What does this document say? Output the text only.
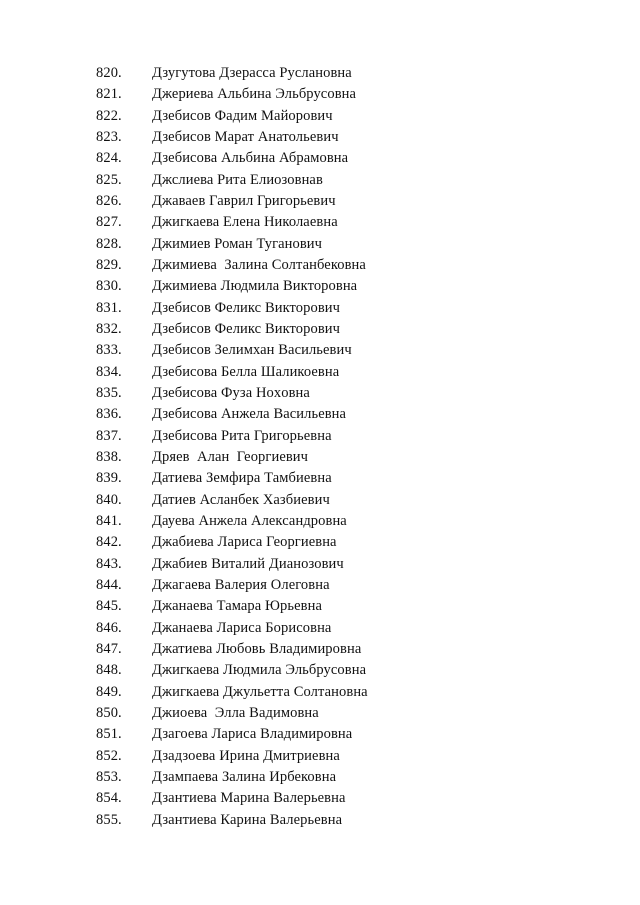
820.	Дзугутова Дзерасса Руслановна
821.	Джериева Альбина Эльбрусовна
822.	Дзебисов Фадим Майорович
823.	Дзебисов Марат Анатольевич
824.	Дзебисова Альбина Абрамовна
825.	Джслиева Рита Елиозовнав
826.	Джаваев Гаврил Григорьевич
827.	Джигкаева Елена Николаевна
828.	Джимиев Роман Туганович
829.	Джимиева  Залина Солтанбековна
830.	Джимиева Людмила Викторовна
831.	Дзебисов Феликс Викторович
832.	Дзебисов Феликс Викторович
833.	Дзебисов Зелимхан Васильевич
834.	Дзебисова Белла Шаликоевна
835.	Дзебисова Фуза Нoхoвна
836.	Дзебисова Анжела Васильевна
837.	Дзебисова Рита Григорьевна
838.	Дряев  Алан  Георгиевич
839.	Датиева Земфира Тамбиевна
840.	Датиев Асланбек Хазбиевич
841.	Дауева Анжела Александровна
842.	Джабиева Лариса Георгиевна
843.	Джабиев Виталий Дианозович
844.	Джагаева Валерия Олеговна
845.	Джанаева Тамара Юрьевна
846.	Джанаева Лариса Борисовна
847.	Джатиева Любовь Владимировна
848.	Джигкаева Людмила Эльбрусовна
849.	Джигкаева Джульетта Солтановна
850.	Джиоева  Элла Вадимовна
851.	Дзагоева Лариса Владимировна
852.	Дзадзоева Ирина Дмитриевна
853.	Дзампаева Залина Ирбековна
854.	Дзантиева Марина Валерьевна
855.	Дзантиева Карина Валерьевна
